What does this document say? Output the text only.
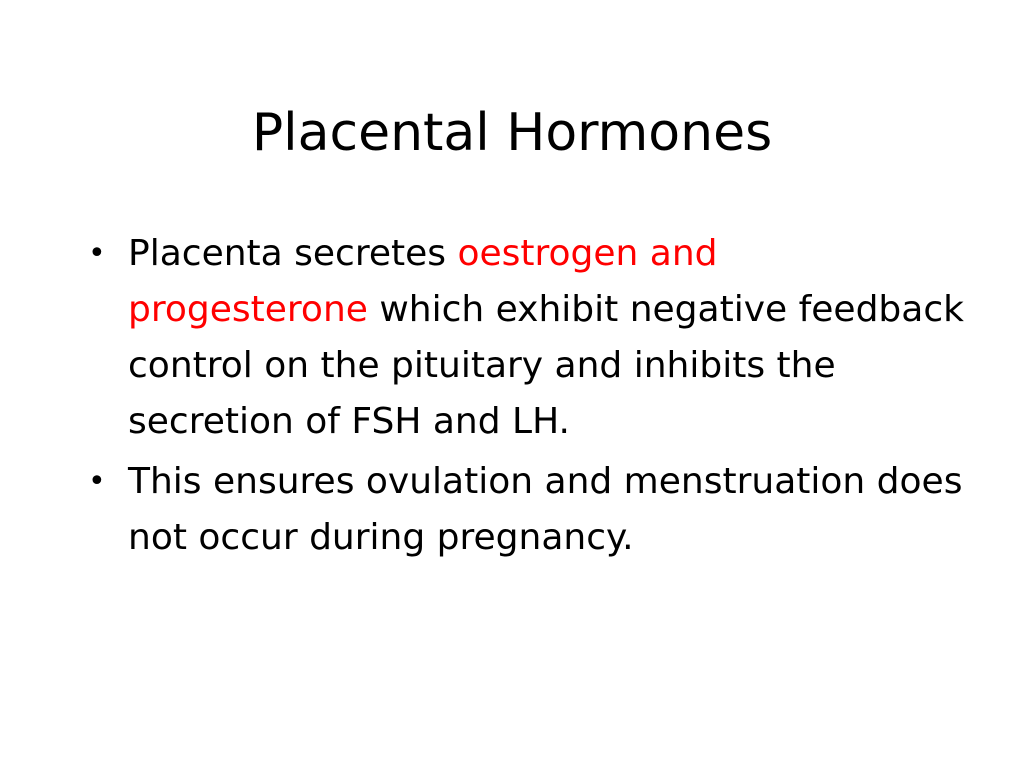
Placental Hormones
• Placenta secretes oestrogen and progesterone which exhibit negative feedback control on the pituitary and inhibits the secretion of FSH and LH.
• This ensures ovulation and menstruation does not occur during pregnancy.
